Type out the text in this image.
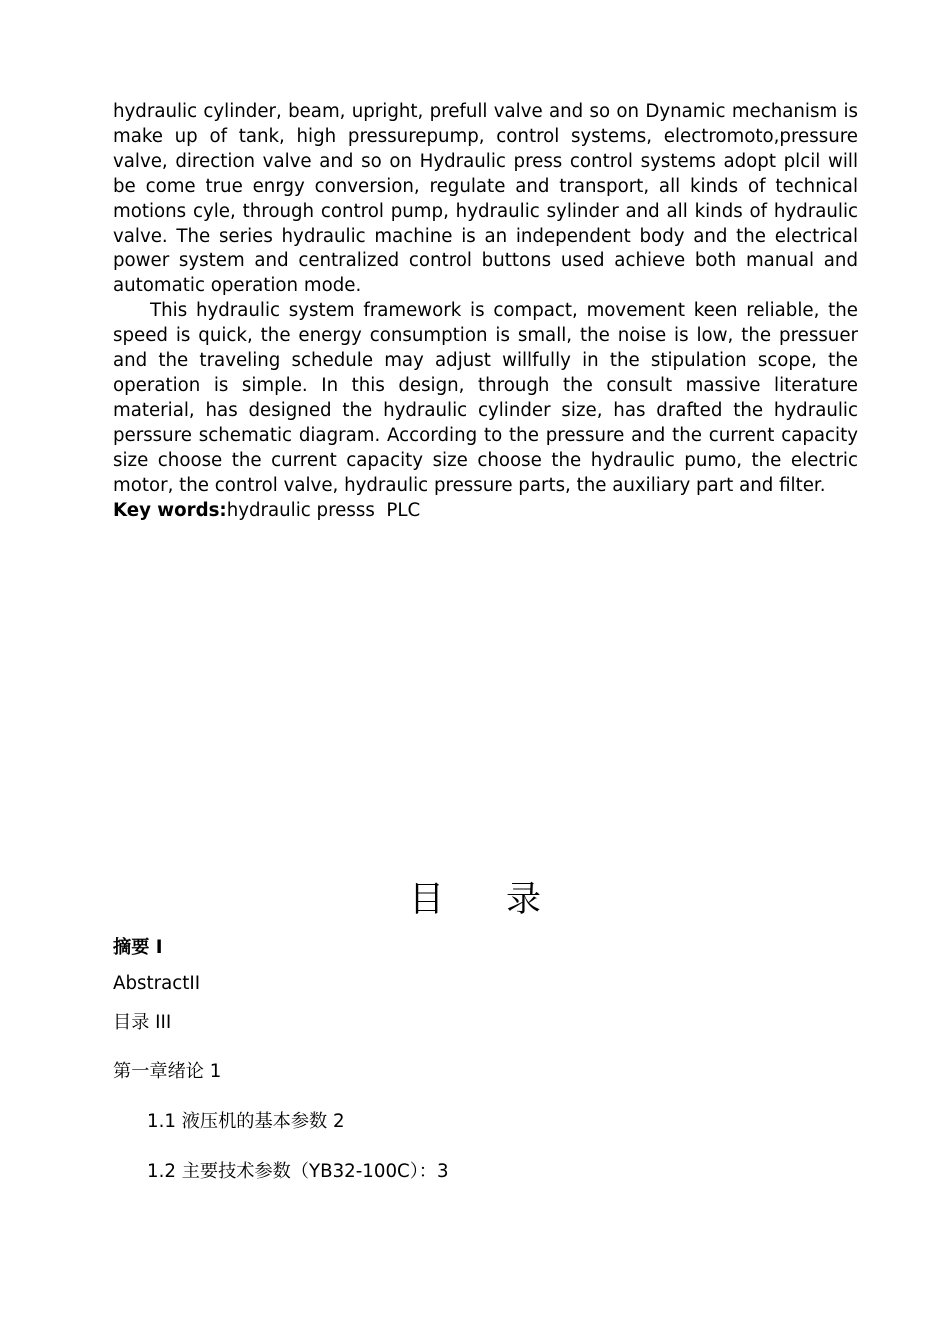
hydraulic cylinder, beam, upright, prefull valve and so on Dynamic mechanism is make up of tank, high pressurepump, control systems, electromoto,pressure valve, direction valve and so on Hydraulic press control systems adopt plcil will be come true enrgy conversion, regulate and transport, all kinds of technical motions cyle, through control pump, hydraulic sylinder and all kinds of hydraulic valve. The series hydraulic machine is an independent body and the electrical power system and centralized control buttons used achieve both manual and automatic operation mode.

This hydraulic system framework is compact, movement keen reliable, the speed is quick, the energy consumption is small, the noise is low, the pressuer and the traveling schedule may adjust willfully in the stipulation scope, the operation is simple. In this design, through the consult massive literature material, has designed the hydraulic cylinder size, has drafted the hydraulic perssure schematic diagram. According to the pressure and the current capacity size choose the current capacity size choose the hydraulic pumo, the electric motor, the control valve, hydraulic pressure parts, the auxiliary part and filter.

Key words:hydraulic presss  PLC

目 录
摘要 I
AbstractII
目录 III
第一章绪论 1
1.1 液压机的基本参数 2
1.2 主要技术参数（YB32-100C）：3
